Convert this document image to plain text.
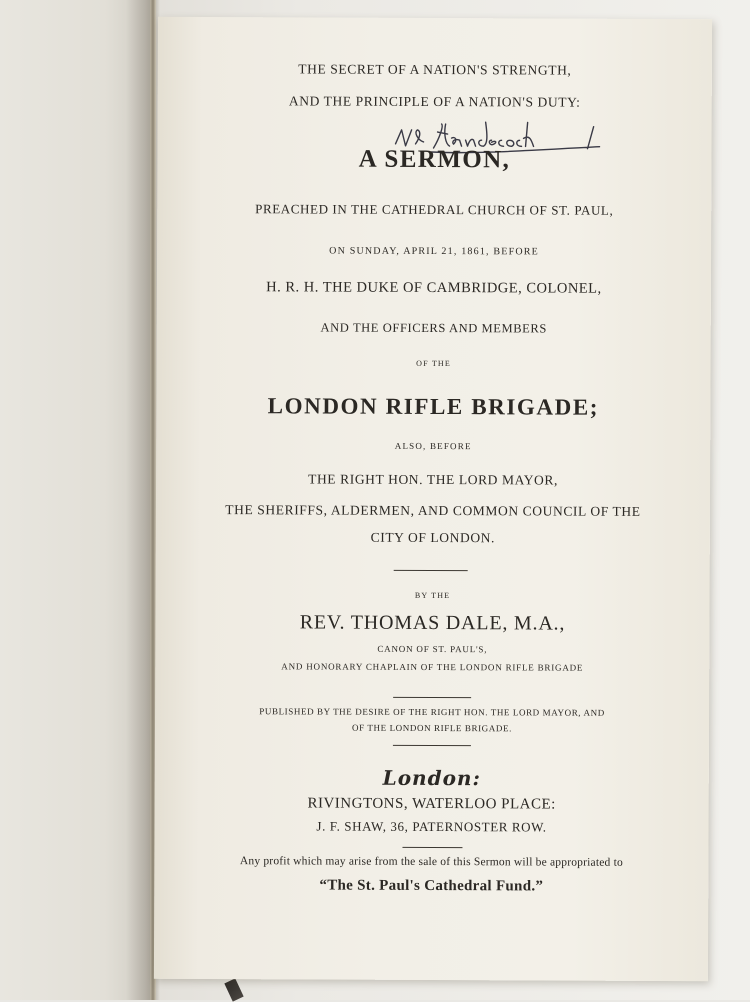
THE SECRET OF A NATION'S STRENGTH,
AND THE PRINCIPLE OF A NATION'S DUTY:
A SERMON,
PREACHED IN THE CATHEDRAL CHURCH OF ST. PAUL,
ON SUNDAY, APRIL 21, 1861, BEFORE
H. R. H. THE DUKE OF CAMBRIDGE, COLONEL,
AND THE OFFICERS AND MEMBERS
OF THE
LONDON RIFLE BRIGADE;
ALSO, BEFORE
THE RIGHT HON. THE LORD MAYOR,
THE SHERIFFS, ALDERMEN, AND COMMON COUNCIL OF THE
CITY OF LONDON.
BY THE
REV. THOMAS DALE, M.A.,
CANON OF ST. PAUL'S,
AND HONORARY CHAPLAIN OF THE LONDON RIFLE BRIGADE
PUBLISHED BY THE DESIRE OF THE RIGHT HON. THE LORD MAYOR, AND
OF THE LONDON RIFLE BRIGADE.
London:
RIVINGTONS, WATERLOO PLACE:
J. F. SHAW, 36, PATERNOSTER ROW.
Any profit which may arise from the sale of this Sermon will be appropriated to
“The St. Paul's Cathedral Fund.”
